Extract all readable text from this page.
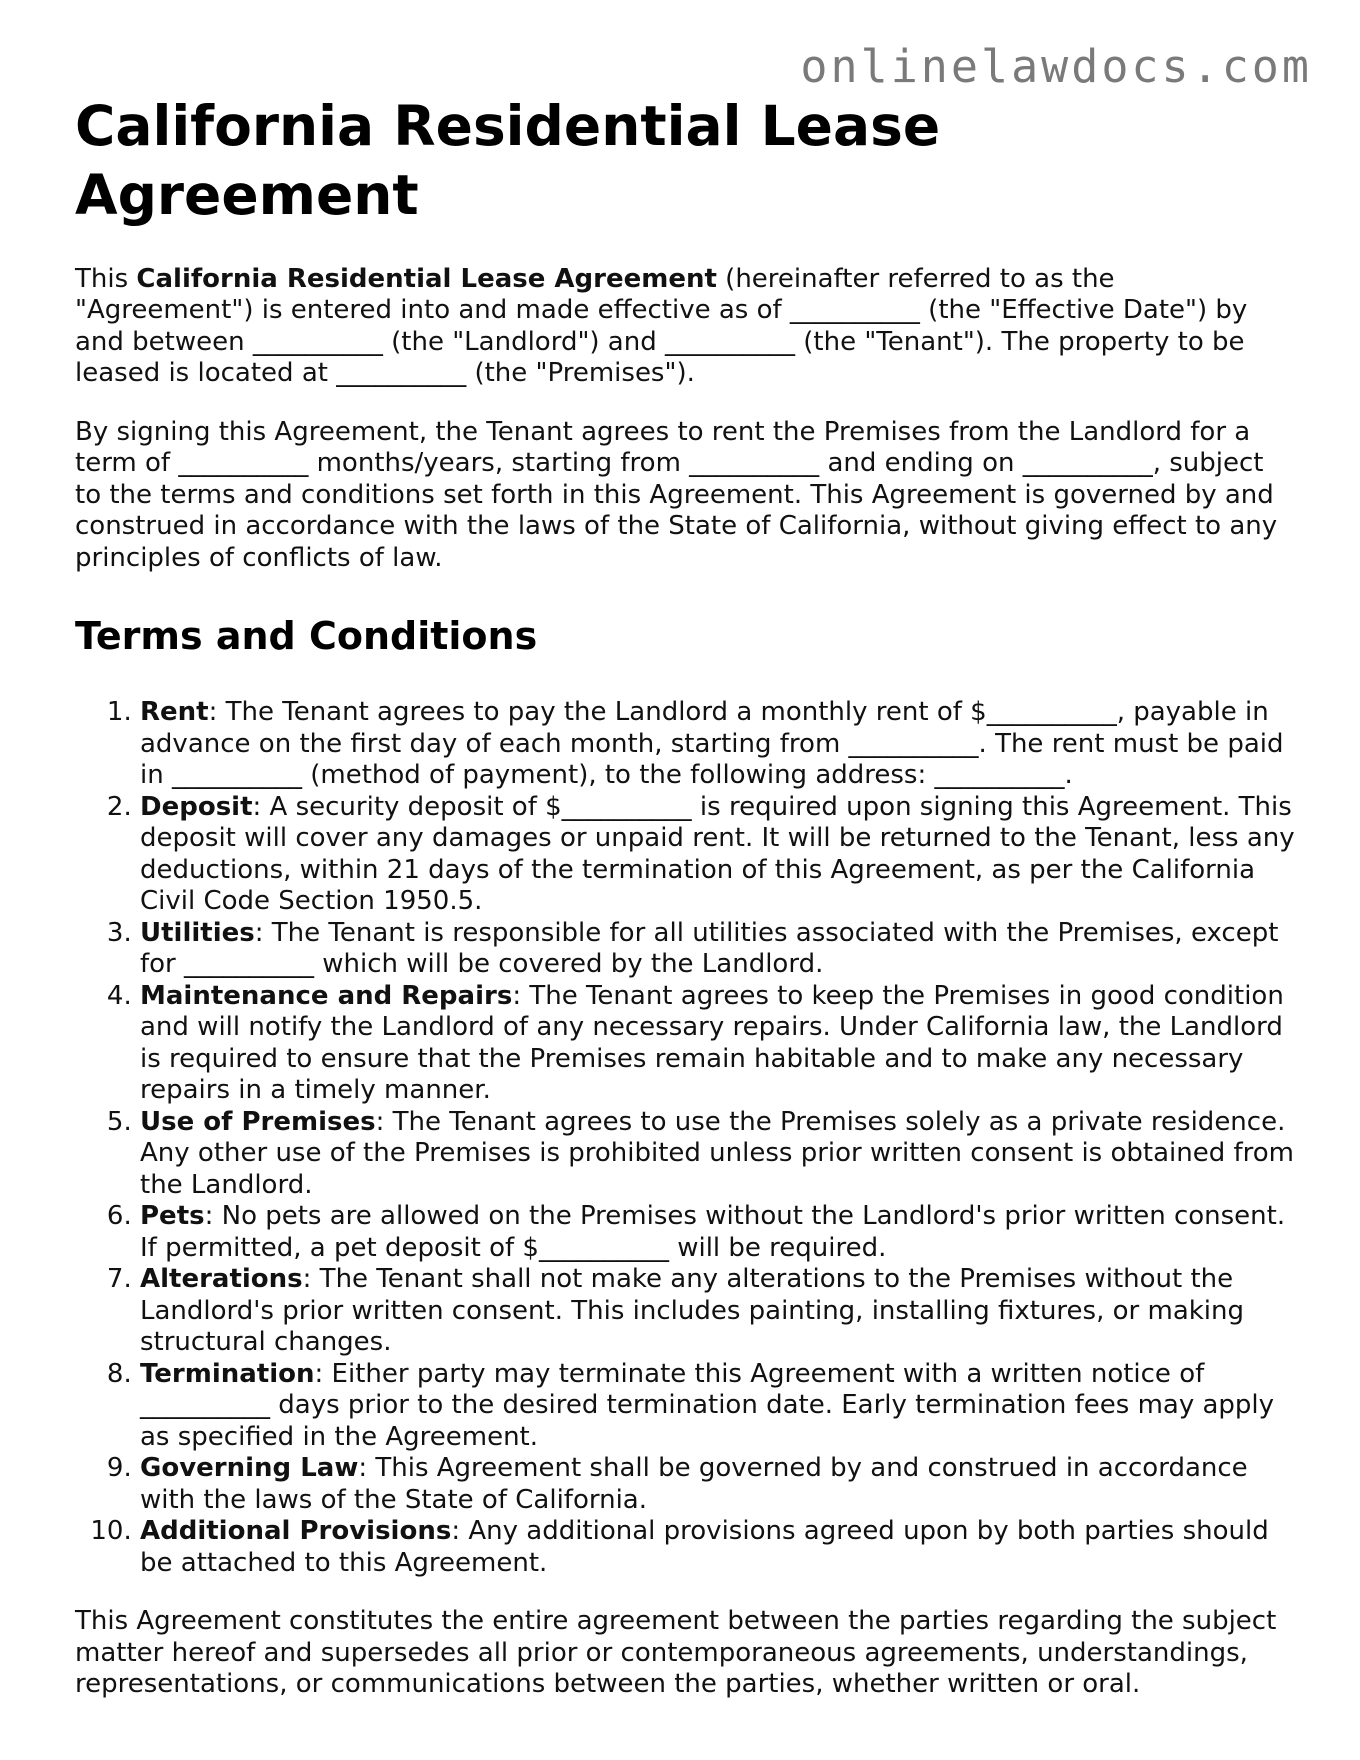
onlinelawdocs.com
California Residential Lease Agreement

This California Residential Lease Agreement (hereinafter referred to as the "Agreement") is entered into and made effective as of __________ (the "Effective Date") by and between __________ (the "Landlord") and __________ (the "Tenant"). The property to be leased is located at __________ (the "Premises").

By signing this Agreement, the Tenant agrees to rent the Premises from the Landlord for a term of __________ months/years, starting from __________ and ending on __________, subject to the terms and conditions set forth in this Agreement. This Agreement is governed by and construed in accordance with the laws of the State of California, without giving effect to any principles of conflicts of law.

Terms and Conditions
1. Rent: The Tenant agrees to pay the Landlord a monthly rent of $__________, payable in advance on the first day of each month, starting from __________. The rent must be paid in __________ (method of payment), to the following address: __________.
2. Deposit: A security deposit of $__________ is required upon signing this Agreement. This deposit will cover any damages or unpaid rent. It will be returned to the Tenant, less any deductions, within 21 days of the termination of this Agreement, as per the California Civil Code Section 1950.5.
3. Utilities: The Tenant is responsible for all utilities associated with the Premises, except for __________ which will be covered by the Landlord.
4. Maintenance and Repairs: The Tenant agrees to keep the Premises in good condition and will notify the Landlord of any necessary repairs. Under California law, the Landlord is required to ensure that the Premises remain habitable and to make any necessary repairs in a timely manner.
5. Use of Premises: The Tenant agrees to use the Premises solely as a private residence. Any other use of the Premises is prohibited unless prior written consent is obtained from the Landlord.
6. Pets: No pets are allowed on the Premises without the Landlord's prior written consent. If permitted, a pet deposit of $__________ will be required.
7. Alterations: The Tenant shall not make any alterations to the Premises without the Landlord's prior written consent. This includes painting, installing fixtures, or making structural changes.
8. Termination: Either party may terminate this Agreement with a written notice of __________ days prior to the desired termination date. Early termination fees may apply as specified in the Agreement.
9. Governing Law: This Agreement shall be governed by and construed in accordance with the laws of the State of California.
10. Additional Provisions: Any additional provisions agreed upon by both parties should be attached to this Agreement.

This Agreement constitutes the entire agreement between the parties regarding the subject matter hereof and supersedes all prior or contemporaneous agreements, understandings, representations, or communications between the parties, whether written or oral.
